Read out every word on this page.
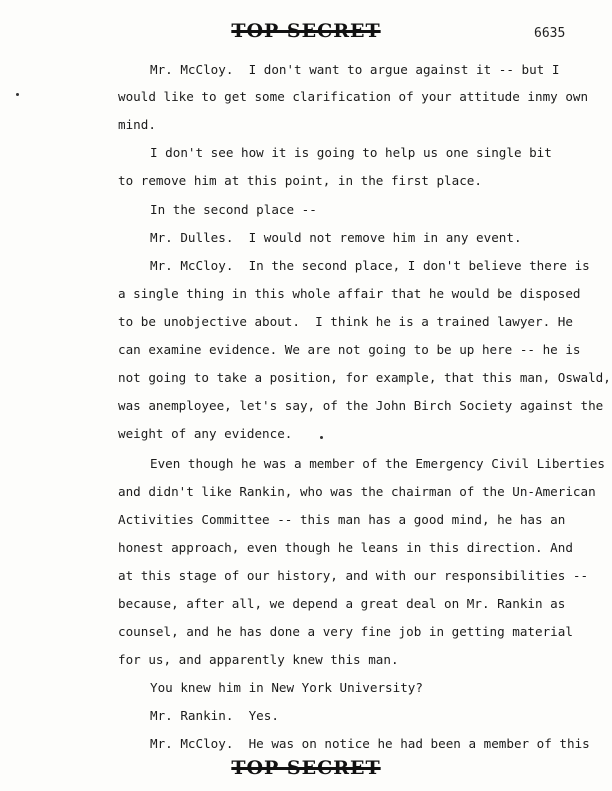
TOP SECRET	6635
Mr. McCloy.  I don't want to argue against it -- but I
would like to get some clarification of your attitude inmy own
mind.
I don't see how it is going to help us one single bit
to remove him at this point, in the first place.
In the second place --
Mr. Dulles.  I would not remove him in any event.
Mr. McCloy.  In the second place, I don't believe there is
a single thing in this whole affair that he would be disposed
to be unobjective about.  I think he is a trained lawyer. He
can examine evidence. We are not going to be up here -- he is
not going to take a position, for example, that this man, Oswald,
was anemployee, let's say, of the John Birch Society against the
weight of any evidence.
Even though he was a member of the Emergency Civil Liberties
and didn't like Rankin, who was the chairman of the Un-American
Activities Committee -- this man has a good mind, he has an
honest approach, even though he leans in this direction. And
at this stage of our history, and with our responsibilities --
because, after all, we depend a great deal on Mr. Rankin as
counsel, and he has done a very fine job in getting material
for us, and apparently knew this man.
You knew him in New York University?
Mr. Rankin.  Yes.
Mr. McCloy.  He was on notice he had been a member of this
TOP SECRET
